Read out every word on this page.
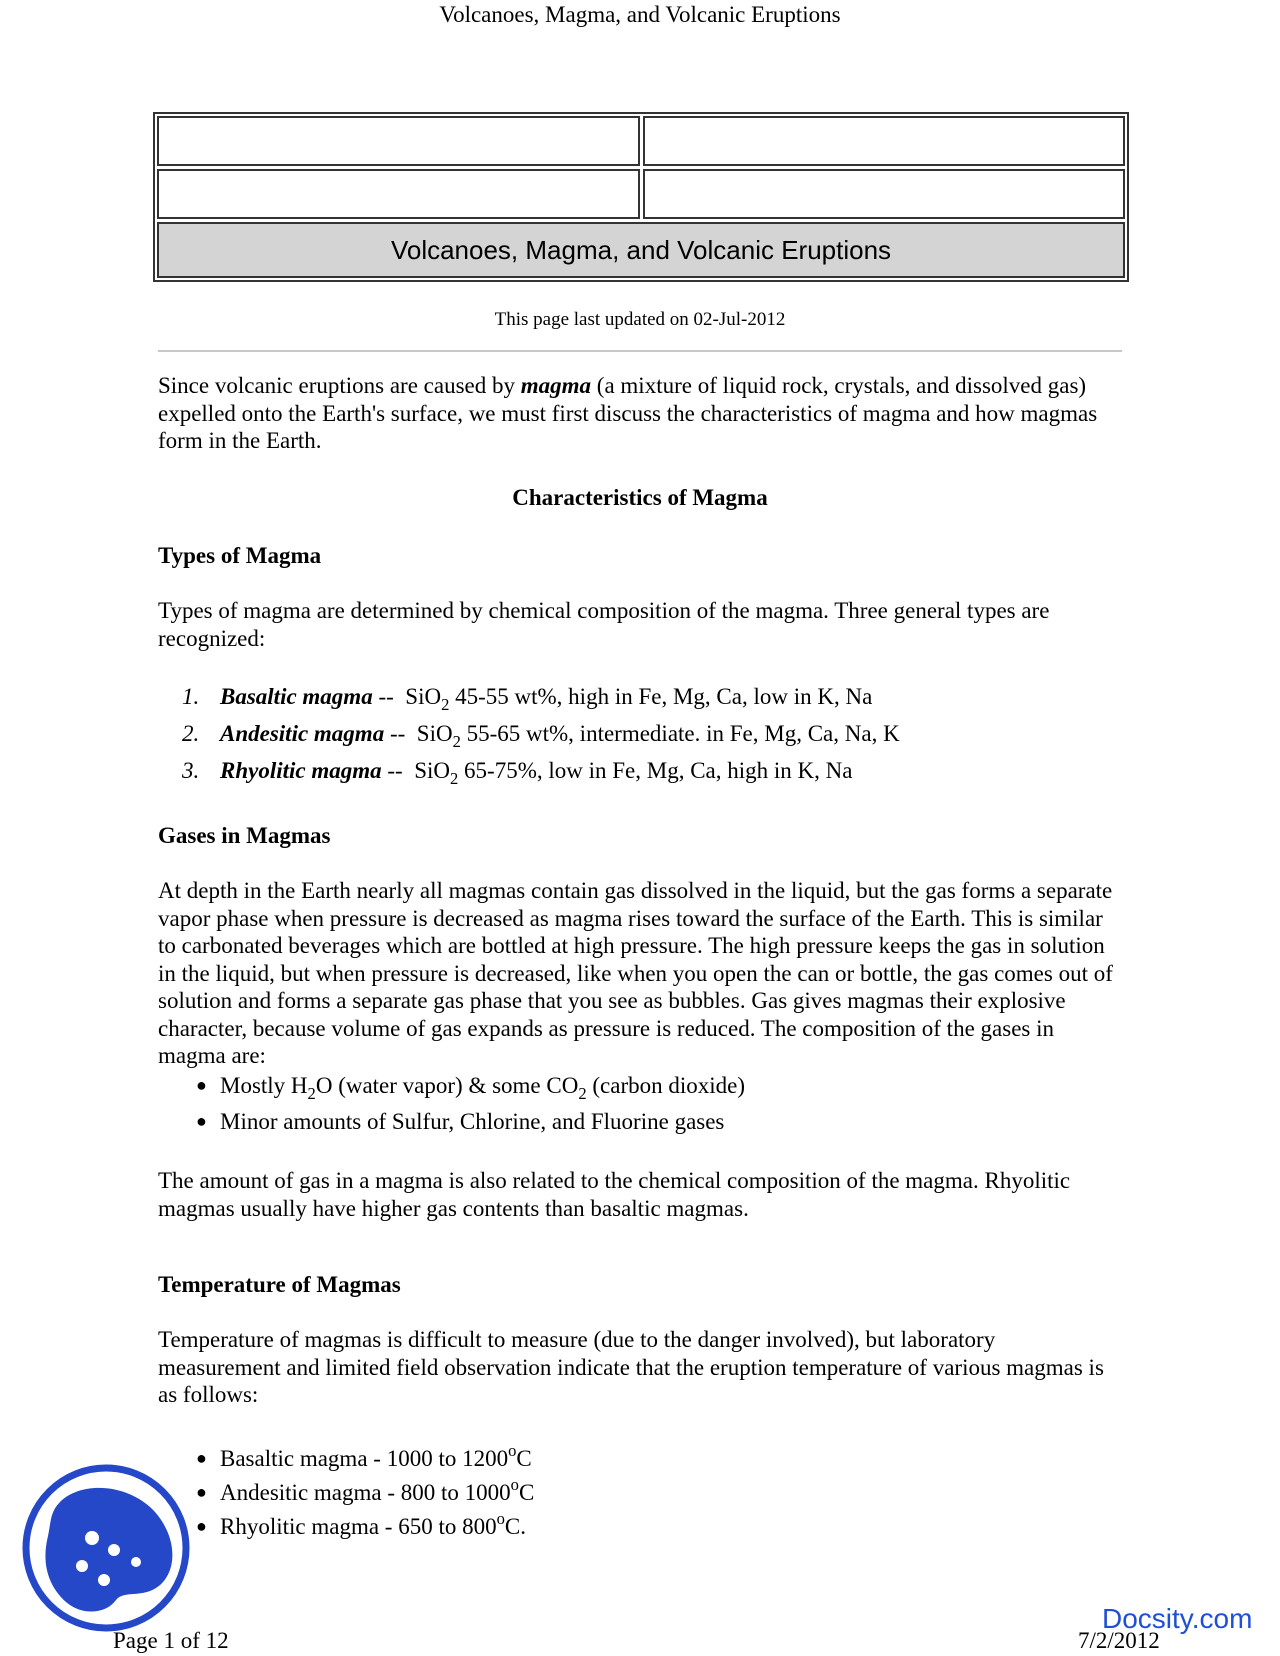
Volcanoes, Magma, and Volcanic Eruptions
Volcanoes, Magma, and Volcanic Eruptions
This page last updated on 02-Jul-2012
Since volcanic eruptions are caused by magma (a mixture of liquid rock, crystals, and dissolved gas) expelled onto the Earth's surface, we must first discuss the characteristics of magma and how magmas form in the Earth.
Characteristics of Magma
Types of Magma
Types of magma are determined by chemical composition of the magma. Three general types are recognized:
1. Basaltic magma --  SiO$_2$ 45-55 wt%, high in Fe, Mg, Ca, low in K, Na
2. Andesitic magma --  SiO$_2$ 55-65 wt%, intermediate. in Fe, Mg, Ca, Na, K
3. Rhyolitic magma --  SiO$_2$ 65-75%, low in Fe, Mg, Ca, high in K, Na
Gases in Magmas
At depth in the Earth nearly all magmas contain gas dissolved in the liquid, but the gas forms a separate vapor phase when pressure is decreased as magma rises toward the surface of the Earth. This is similar to carbonated beverages which are bottled at high pressure. The high pressure keeps the gas in solution in the liquid, but when pressure is decreased, like when you open the can or bottle, the gas comes out of solution and forms a separate gas phase that you see as bubbles. Gas gives magmas their explosive character, because volume of gas expands as pressure is reduced. The composition of the gases in magma are:
● Mostly $H_2O$ (water vapor) & some $CO_2$ (carbon dioxide)
● Minor amounts of Sulfur, Chlorine, and Fluorine gases
The amount of gas in a magma is also related to the chemical composition of the magma. Rhyolitic magmas usually have higher gas contents than basaltic magmas.
Temperature of Magmas
Temperature of magmas is difficult to measure (due to the danger involved), but laboratory measurement and limited field observation indicate that the eruption temperature of various magmas is as follows:
● Basaltic magma - 1000 to 1200$^o$C
● Andesitic magma - 800 to 1000$^o$C
● Rhyolitic magma - 650 to 800$^o$C.
Docsity.com
Page 1 of 12	7/2/2012
